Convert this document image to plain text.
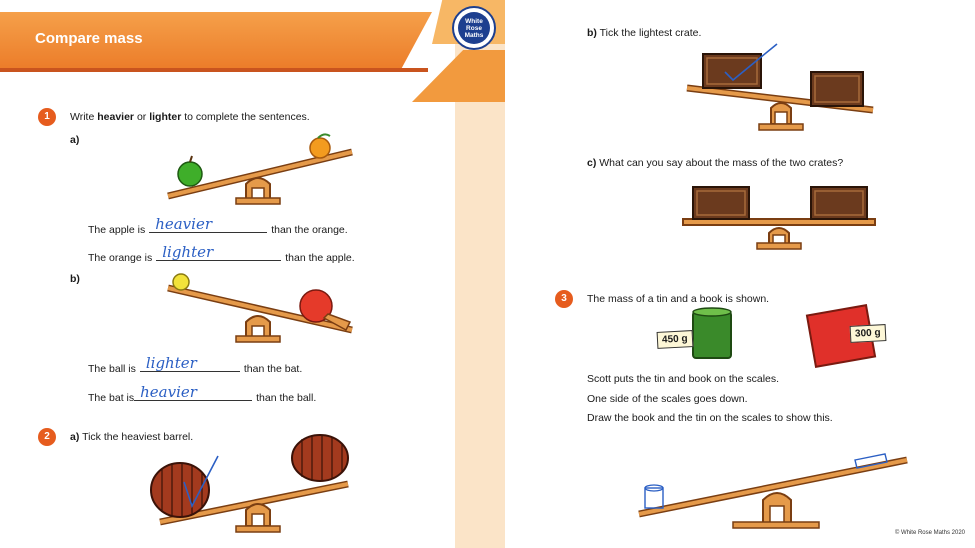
Compare mass
1	Write heavier or lighter to complete the sentences.
a)
The apple is heavier	than the orange.
The orange is lighter	than the apple.
b)
The ball is lighter	than the bat.
The bat is heavier	than the ball.
2	a) Tick the heaviest barrel.
White
Rose
Maths	b) Tick the lightest crate.
c) What can you say about the mass of the two crates?
3	The mass of a tin and a book is shown.
450 g	300 g
Scott puts the tin and book on the scales.
One side of the scales goes down.
Draw the book and the tin on the scales to show this.
© White Rose Maths 2020
